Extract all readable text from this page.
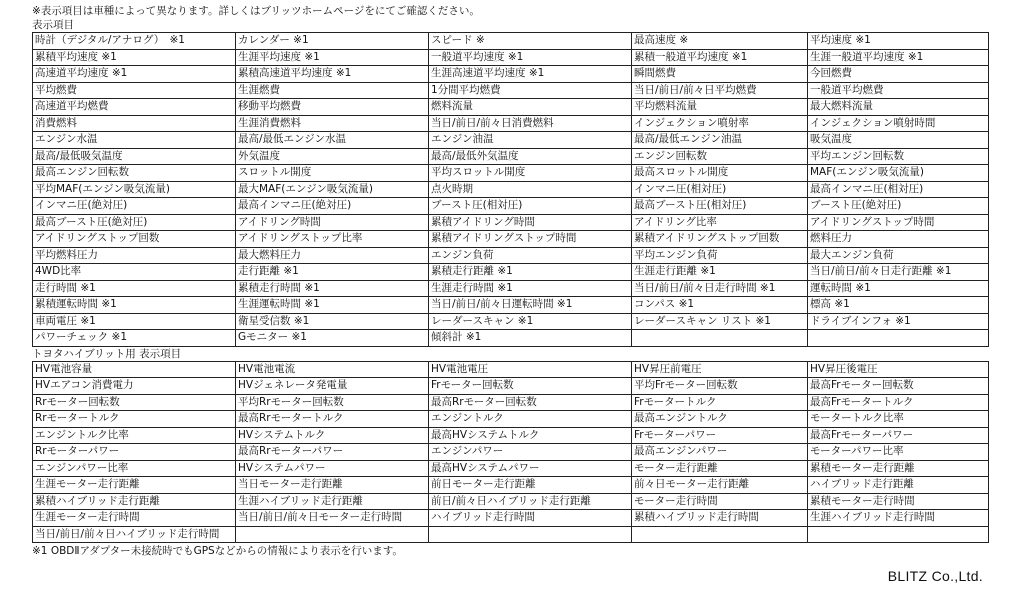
※表示項目は車種によって異なります。詳しくはブリッツホームページをにてご確認ください。
表示項目
時計（デジタル/アナログ）　※1	カレンダー ※1	スピード ※	最高速度 ※	平均速度 ※1
累積平均速度 ※1	生涯平均速度 ※1	一般道平均速度 ※1	累積一般道平均速度 ※1	生涯一般道平均速度 ※1
高速道平均速度 ※1	累積高速道平均速度 ※1	生涯高速道平均速度 ※1	瞬間燃費	今回燃費
平均燃費	生涯燃費	1分間平均燃費	当日/前日/前々日平均燃費	一般道平均燃費
高速道平均燃費	移動平均燃費	燃料流量	平均燃料流量	最大燃料流量
消費燃料	生涯消費燃料	当日/前日/前々日消費燃料	インジェクション噴射率	インジェクション噴射時間
エンジン水温	最高/最低エンジン水温	エンジン油温	最高/最低エンジン油温	吸気温度
最高/最低吸気温度	外気温度	最高/最低外気温度	エンジン回転数	平均エンジン回転数
最高エンジン回転数	スロットル開度	平均スロットル開度	最高スロットル開度	MAF(エンジン吸気流量)
平均MAF(エンジン吸気流量)	最大MAF(エンジン吸気流量)	点火時期	インマニ圧(相対圧)	最高インマニ圧(相対圧)
インマニ圧(絶対圧)	最高インマニ圧(絶対圧)	ブースト圧(相対圧)	最高ブースト圧(相対圧)	ブースト圧(絶対圧)
最高ブースト圧(絶対圧)	アイドリング時間	累積アイドリング時間	アイドリング比率	アイドリングストップ時間
アイドリングストップ回数	アイドリングストップ比率	累積アイドリングストップ時間	累積アイドリングストップ回数	燃料圧力
平均燃料圧力	最大燃料圧力	エンジン負荷	平均エンジン負荷	最大エンジン負荷
4WD比率	走行距離 ※1	累積走行距離 ※1	生涯走行距離 ※1	当日/前日/前々日走行距離 ※1
走行時間 ※1	累積走行時間 ※1	生涯走行時間 ※1	当日/前日/前々日走行時間 ※1	運転時間 ※1
累積運転時間 ※1	生涯運転時間 ※1	当日/前日/前々日運転時間 ※1	コンパス ※1	標高 ※1
車両電圧 ※1	衛星受信数 ※1	レーダースキャン ※1	レーダースキャン リスト ※1	ドライブインフォ ※1
パワーチェック ※1	Gモニター ※1	傾斜計 ※1		
トヨタハイブリット用 表示項目
HV電池容量	HV電池電流	HV電池電圧	HV昇圧前電圧	HV昇圧後電圧
HVエアコン消費電力	HVジェネレータ発電量	Frモーター回転数	平均Frモーター回転数	最高Frモーター回転数
Rrモーター回転数	平均Rrモーター回転数	最高Rrモーター回転数	Frモータートルク	最高Frモータートルク
Rrモータートルク	最高Rrモータートルク	エンジントルク	最高エンジントルク	モータートルク比率
エンジントルク比率	HVシステムトルク	最高HVシステムトルク	Frモーターパワー	最高Frモーターパワー
Rrモーターパワー	最高Rrモーターパワー	エンジンパワー	最高エンジンパワー	モーターパワー比率
エンジンパワー比率	HVシステムパワー	最高HVシステムパワー	モーター走行距離	累積モーター走行距離
生涯モーター走行距離	当日モーター走行距離	前日モーター走行距離	前々日モーター走行距離	ハイブリッド走行距離
累積ハイブリッド走行距離	生涯ハイブリッド走行距離	前日/前々日ハイブリッド走行距離	モーター走行時間	累積モーター走行時間
生涯モーター走行時間	当日/前日/前々日モーター走行時間	ハイブリッド走行時間	累積ハイブリッド走行時間	生涯ハイブリッド走行時間
当日/前日/前々日ハイブリッド走行時間				
※1 OBDⅡアダプター未接続時でもGPSなどからの情報により表示を行います。
BLITZ Co.,Ltd.
